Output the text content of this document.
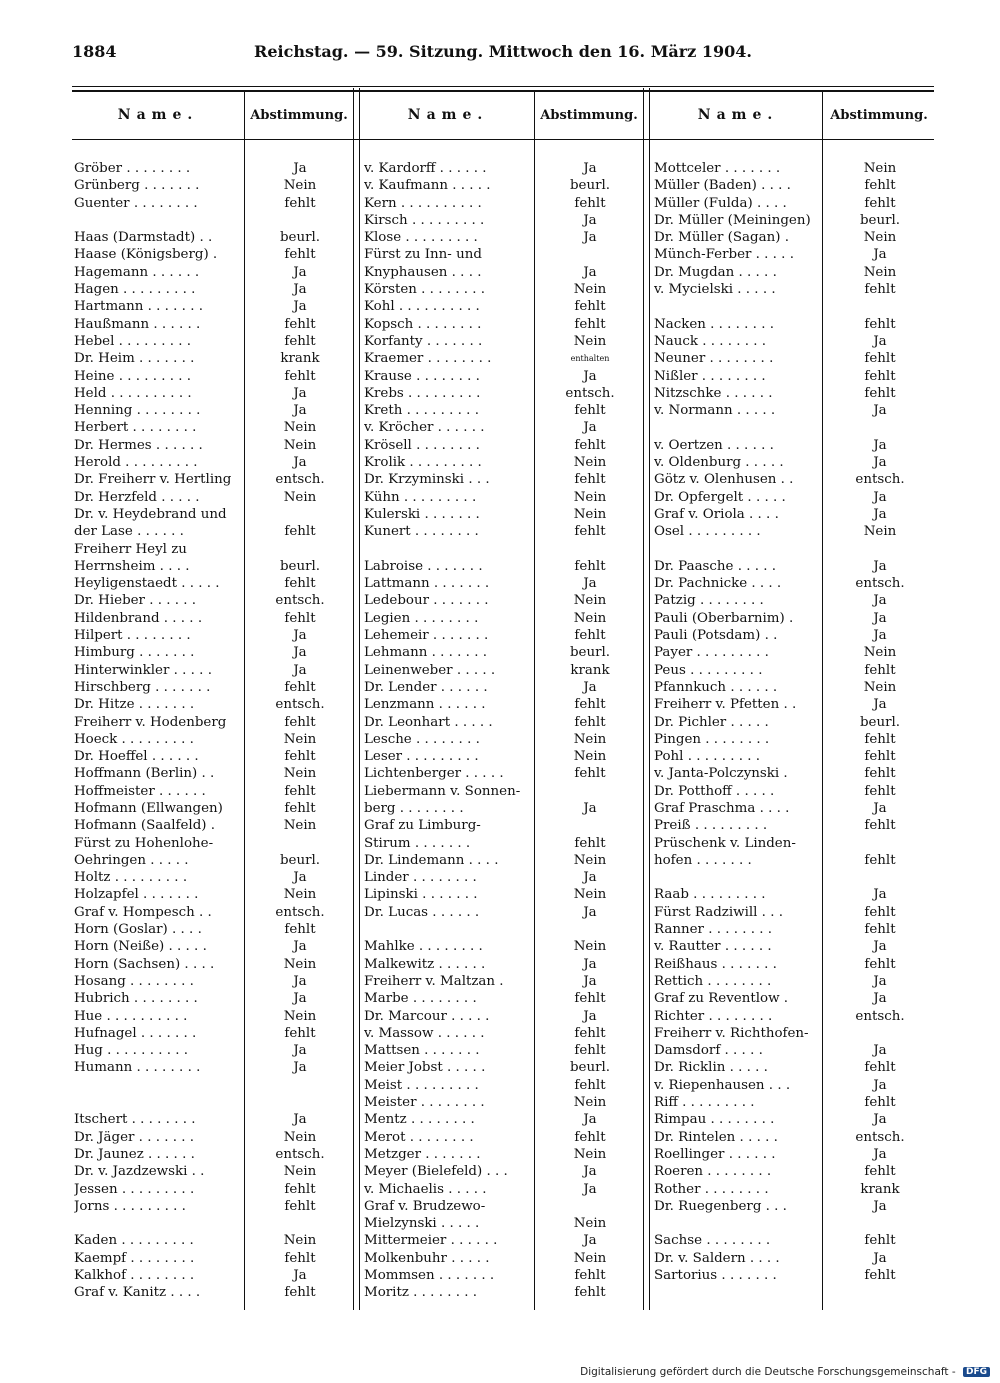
1884	Reichstag. — 59. Sitzung. Mittwoch den 16. März 1904.
Name.	Abstimmung.
Gröber . . . . . . . .	Ja
Grünberg . . . . . . .	Nein
Guenter . . . . . . . .	fehlt
Haas (Darmstadt) . .	beurl.
Haase (Königsberg) .	fehlt
Hagemann . . . . . .	Ja
Hagen . . . . . . . . .	Ja
Hartmann . . . . . . .	Ja
Haußmann . . . . . .	fehlt
Hebel . . . . . . . . .	fehlt
Dr. Heim . . . . . . .	krank
Heine . . . . . . . . .	fehlt
Held . . . . . . . . . .	Ja
Henning . . . . . . . .	Ja
Herbert . . . . . . . .	Nein
Dr. Hermes . . . . . .	Nein
Herold . . . . . . . . .	Ja
Dr. Freiherr v. Hertling	entsch.
Dr. Herzfeld . . . . .	Nein
Dr. v. Heydebrand und
der Lase . . . . . .	fehlt
Freiherr Heyl zu
Herrnsheim . . . .	beurl.
Heyligenstaedt . . . . .	fehlt
Dr. Hieber . . . . . .	entsch.
Hildenbrand . . . . .	fehlt
Hilpert . . . . . . . .	Ja
Himburg . . . . . . .	Ja
Hinterwinkler . . . . .	Ja
Hirschberg . . . . . . .	fehlt
Dr. Hitze . . . . . . .	entsch.
Freiherr v. Hodenberg	fehlt
Hoeck . . . . . . . . .	Nein
Dr. Hoeffel . . . . . .	fehlt
Hoffmann (Berlin) . .	Nein
Hoffmeister . . . . . .	fehlt
Hofmann (Ellwangen)	fehlt
Hofmann (Saalfeld) .	Nein
Fürst zu Hohenlohe-
Oehringen . . . . .	beurl.
Holtz . . . . . . . . .	Ja
Holzapfel . . . . . . .	Nein
Graf v. Hompesch . .	entsch.
Horn (Goslar) . . . .	fehlt
Horn (Neiße) . . . . .	Ja
Horn (Sachsen) . . . .	Nein
Hosang . . . . . . . .	Ja
Hubrich . . . . . . . .	Ja
Hue . . . . . . . . . .	Nein
Hufnagel . . . . . . .	fehlt
Hug . . . . . . . . . .	Ja
Humann . . . . . . . .	Ja
Itschert . . . . . . . .	Ja
Dr. Jäger . . . . . . .	Nein
Dr. Jaunez . . . . . .	entsch.
Dr. v. Jazdzewski . .	Nein
Jessen . . . . . . . . .	fehlt
Jorns . . . . . . . . .	fehlt
Kaden . . . . . . . . .	Nein
Kaempf . . . . . . . .	fehlt
Kalkhof . . . . . . . .	Ja
Graf v. Kanitz . . . .	fehlt
Name.	Abstimmung.
v. Kardorff . . . . . .	Ja
v. Kaufmann . . . . .	beurl.
Kern . . . . . . . . . .	fehlt
Kirsch . . . . . . . . .	Ja
Klose . . . . . . . . .	Ja
Fürst zu Inn- und
Knyphausen . . . .	Ja
Körsten . . . . . . . .	Nein
Kohl . . . . . . . . . .	fehlt
Kopsch . . . . . . . .	fehlt
Korfanty . . . . . . .	Nein
Kraemer . . . . . . . .	enthalten
Krause . . . . . . . .	Ja
Krebs . . . . . . . . .	entsch.
Kreth . . . . . . . . .	fehlt
v. Kröcher . . . . . .	Ja
Krösell . . . . . . . .	fehlt
Krolik . . . . . . . . .	Nein
Dr. Krzyminski . . .	fehlt
Kühn . . . . . . . . .	Nein
Kulerski . . . . . . .	Nein
Kunert . . . . . . . .	fehlt
Labroise . . . . . . .	fehlt
Lattmann . . . . . . .	Ja
Ledebour . . . . . . .	Nein
Legien . . . . . . . .	Nein
Lehemeir . . . . . . .	fehlt
Lehmann . . . . . . .	beurl.
Leinenweber . . . . .	krank
Dr. Lender . . . . . .	Ja
Lenzmann . . . . . .	fehlt
Dr. Leonhart . . . . .	fehlt
Lesche . . . . . . . .	Nein
Leser . . . . . . . . .	Nein
Lichtenberger . . . . .	fehlt
Liebermann v. Sonnen-
berg . . . . . . . .	Ja
Graf zu Limburg-
Stirum . . . . . . .	fehlt
Dr. Lindemann . . . .	Nein
Linder . . . . . . . .	Ja
Lipinski . . . . . . .	Nein
Dr. Lucas . . . . . .	Ja
Mahlke . . . . . . . .	Nein
Malkewitz . . . . . .	Ja
Freiherr v. Maltzan .	Ja
Marbe . . . . . . . .	fehlt
Dr. Marcour . . . . .	Ja
v. Massow . . . . . .	fehlt
Mattsen . . . . . . .	fehlt
Meier Jobst . . . . .	beurl.
Meist . . . . . . . . .	fehlt
Meister . . . . . . . .	Nein
Mentz . . . . . . . .	Ja
Merot . . . . . . . .	fehlt
Metzger . . . . . . .	Nein
Meyer (Bielefeld) . . .	Ja
v. Michaelis . . . . .	Ja
Graf v. Brudzewo-
Mielzynski . . . . .	Nein
Mittermeier . . . . . .	Ja
Molkenbuhr . . . . .	Nein
Mommsen . . . . . . .	fehlt
Moritz . . . . . . . .	fehlt
Name.	Abstimmung.
Mottceler . . . . . . .	Nein
Müller (Baden) . . . .	fehlt
Müller (Fulda) . . . .	fehlt
Dr. Müller (Meiningen)	beurl.
Dr. Müller (Sagan) .	Nein
Münch-Ferber . . . . .	Ja
Dr. Mugdan . . . . .	Nein
v. Mycielski . . . . .	fehlt
Nacken . . . . . . . .	fehlt
Nauck . . . . . . . .	Ja
Neuner . . . . . . . .	fehlt
Nißler . . . . . . . .	fehlt
Nitzschke . . . . . .	fehlt
v. Normann . . . . .	Ja
v. Oertzen . . . . . .	Ja
v. Oldenburg . . . . .	Ja
Götz v. Olenhusen . .	entsch.
Dr. Opfergelt . . . . .	Ja
Graf v. Oriola . . . .	Ja
Osel . . . . . . . . .	Nein
Dr. Paasche . . . . .	Ja
Dr. Pachnicke . . . .	entsch.
Patzig . . . . . . . .	Ja
Pauli (Oberbarnim) .	Ja
Pauli (Potsdam) . .	Ja
Payer . . . . . . . . .	Nein
Peus . . . . . . . . .	fehlt
Pfannkuch . . . . . .	Nein
Freiherr v. Pfetten . .	Ja
Dr. Pichler . . . . .	beurl.
Pingen . . . . . . . .	fehlt
Pohl . . . . . . . . .	fehlt
v. Janta-Polczynski .	fehlt
Dr. Potthoff . . . . .	fehlt
Graf Praschma . . . .	Ja
Preiß . . . . . . . . .	fehlt
Prüschenk v. Linden-
hofen . . . . . . .	fehlt
Raab . . . . . . . . .	Ja
Fürst Radziwill . . .	fehlt
Ranner . . . . . . . .	fehlt
v. Rautter . . . . . .	Ja
Reißhaus . . . . . . .	fehlt
Rettich . . . . . . . .	Ja
Graf zu Reventlow .	Ja
Richter . . . . . . . .	entsch.
Freiherr v. Richthofen-
Damsdorf . . . . .	Ja
Dr. Ricklin . . . . .	fehlt
v. Riepenhausen . . .	Ja
Riff . . . . . . . . .	fehlt
Rimpau . . . . . . . .	Ja
Dr. Rintelen . . . . .	entsch.
Roellinger . . . . . .	Ja
Roeren . . . . . . . .	fehlt
Rother . . . . . . . .	krank
Dr. Ruegenberg . . .	Ja
Sachse . . . . . . . .	fehlt
Dr. v. Saldern . . . .	Ja
Sartorius . . . . . . .	fehlt
Digitalisierung gefördert durch die Deutsche Forschungsgemeinschaft - DFG
